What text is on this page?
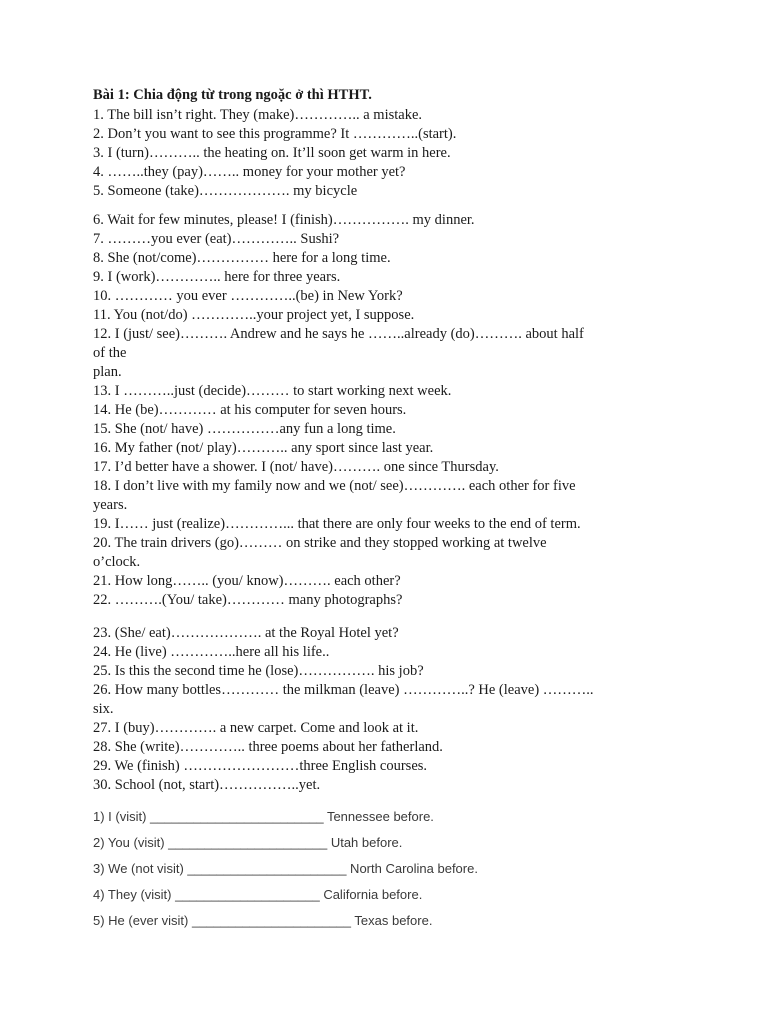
Bài 1: Chia động từ trong ngoặc ở thì HTHT.
1. The bill isn’t right. They (make)………….. a mistake.
2. Don’t you want to see this programme? It …………..(start).
3. I (turn)……….. the heating on. It’ll soon get warm in here.
4. ……..they (pay)…….. money for your mother yet?
5. Someone (take)………………. my bicycle
6. Wait for few minutes, please! I (finish)……………. my dinner.
7. ………you ever (eat)………….. Sushi?
8. She (not/come)…………… here for a long time.
9. I (work)………….. here for three years.
10. ………… you ever …………..(be) in New York?
11. You (not/do) …………..your project yet, I suppose.
12. I (just/ see)………. Andrew and he says he ……..already (do)………. about half
of the
plan.
13. I ………..just (decide)……… to start working next week.
14. He (be)………… at his computer for seven hours.
15. She (not/ have) ……………any fun a long time.
16. My father (not/ play)……….. any sport since last year.
17. I’d better have a shower. I (not/ have)………. one since Thursday.
18. I don’t live with my family now and we (not/ see)…………. each other for five
years.
19. I…… just (realize)…………... that there are only four weeks to the end of term.
20. The train drivers (go)……… on strike and they stopped working at twelve
o’clock.
21. How long…….. (you/ know)………. each other?
22. ……….(You/ take)………… many photographs?
23. (She/ eat)………………. at the Royal Hotel yet?
24. He (live) …………..here all his life..
25. Is this the second time he (lose)……………. his job?
26. How many bottles………… the milkman (leave) …………..? He (leave) ………..
six.
27. I (buy)…………. a new carpet. Come and look at it.
28. She (write)………….. three poems about her fatherland.
29. We (finish) ……………………three English courses.
30. School (not, start)……………..yet.
1) I (visit) ________________________ Tennessee before.
2) You (visit) ______________________ Utah before.
3) We (not visit) ______________________ North Carolina before.
4) They (visit) ____________________ California before.
5) He (ever visit) ______________________ Texas before.
